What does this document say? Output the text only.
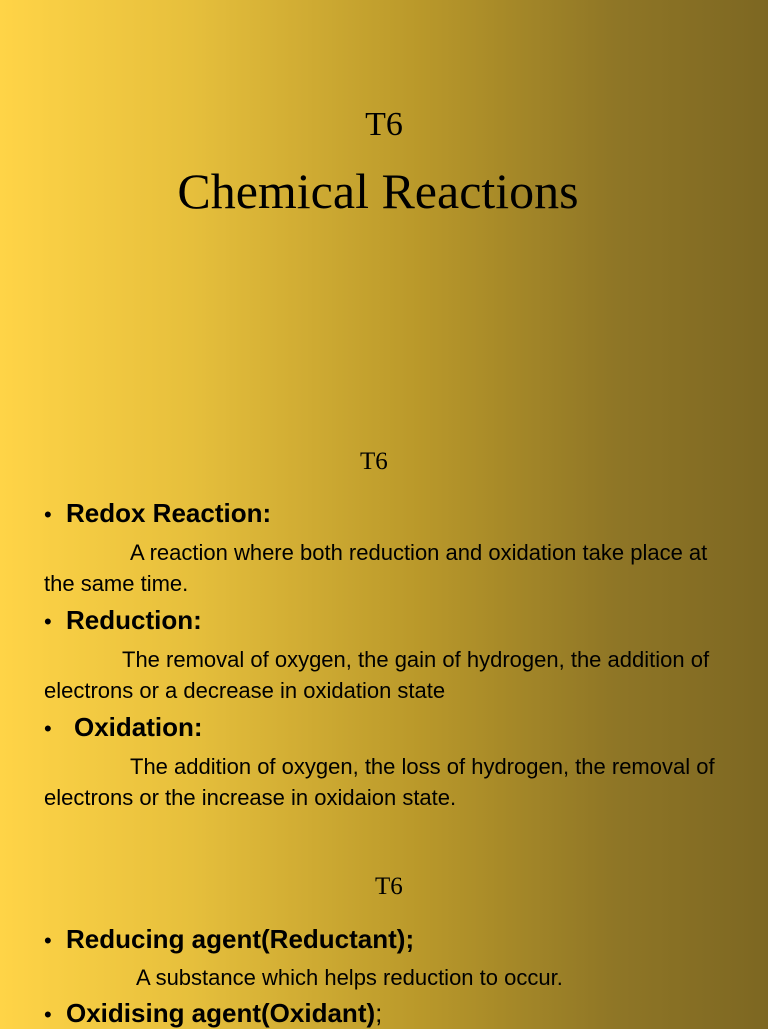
T6
Chemical Reactions
T6
• Redox Reaction:
A reaction where both reduction and oxidation take place at the same time.
• Reduction:
The removal of oxygen, the gain of hydrogen, the addition of electrons or a decrease in oxidation state
• Oxidation:
The addition of oxygen, the loss of hydrogen, the removal of electrons or the increase in oxidaion state.
T6
• Reducing agent(Reductant);
A substance which helps reduction to occur.
• Oxidising agent(Oxidant) ;
